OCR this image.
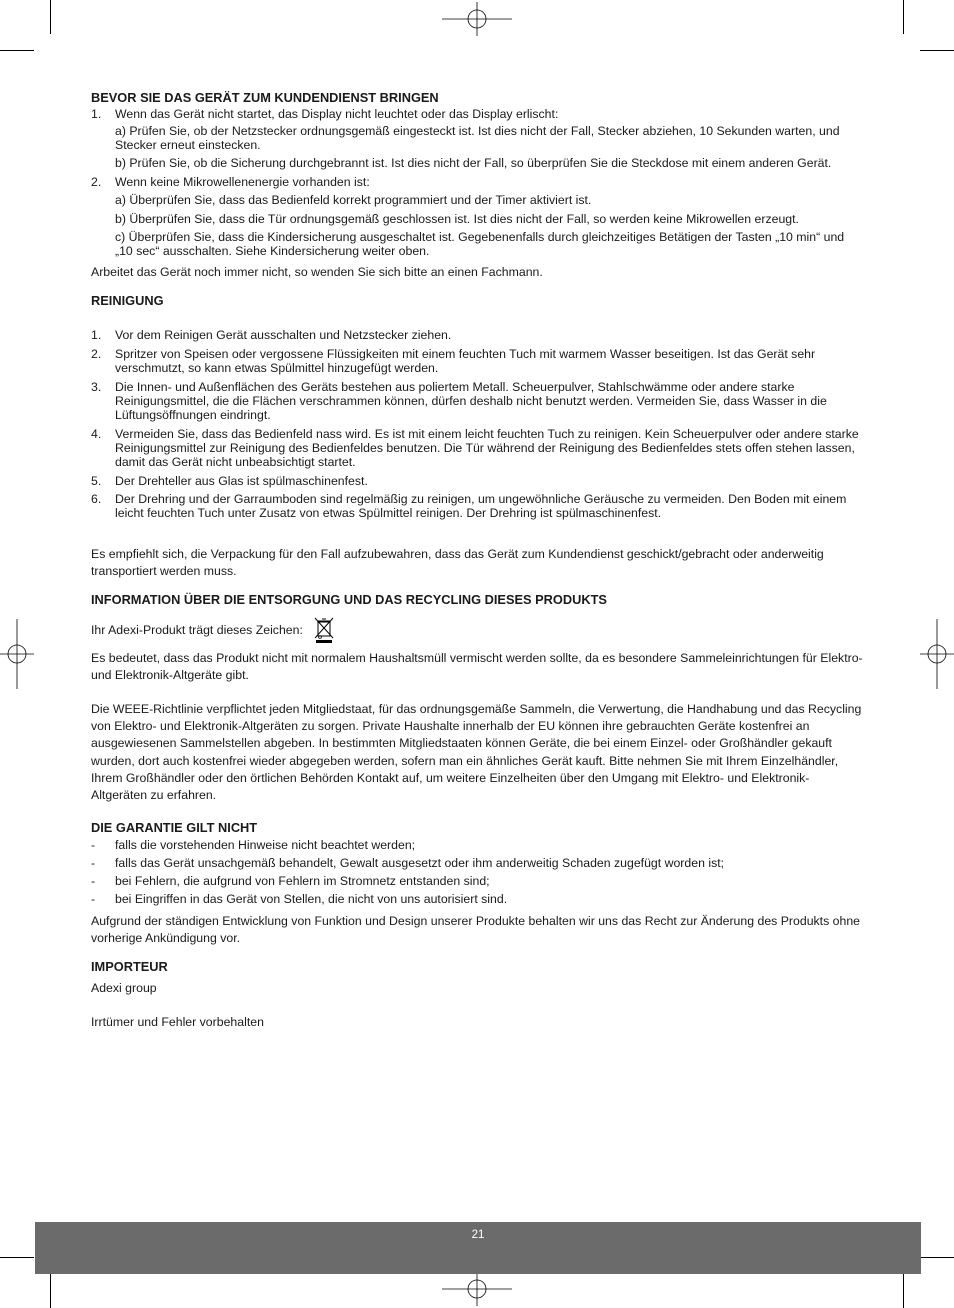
BEVOR SIE DAS GERÄT ZUM KUNDENDIENST BRINGEN
1. Wenn das Gerät nicht startet, das Display nicht leuchtet oder das Display erlischt:

a) Prüfen Sie, ob der Netzstecker ordnungsgemäß eingesteckt ist. Ist dies nicht der Fall, Stecker abziehen, 10 Sekunden warten, und Stecker erneut einstecken.

b) Prüfen Sie, ob die Sicherung durchgebrannt ist. Ist dies nicht der Fall, so überprüfen Sie die Steckdose mit einem anderen Gerät.

2. Wenn keine Mikrowellenenergie vorhanden ist:

a) Überprüfen Sie, dass das Bedienfeld korrekt programmiert und der Timer aktiviert ist.

b) Überprüfen Sie, dass die Tür ordnungsgemäß geschlossen ist. Ist dies nicht der Fall, so werden keine Mikrowellen erzeugt.

c) Überprüfen Sie, dass die Kindersicherung ausgeschaltet ist. Gegebenenfalls durch gleichzeitiges Betätigen der Tasten „10 min“ und „10 sec“ ausschalten. Siehe Kindersicherung weiter oben.

Arbeitet das Gerät noch immer nicht, so wenden Sie sich bitte an einen Fachmann.

REINIGUNG
1. Vor dem Reinigen Gerät ausschalten und Netzstecker ziehen.

2. Spritzer von Speisen oder vergossene Flüssigkeiten mit einem feuchten Tuch mit warmem Wasser beseitigen. Ist das Gerät sehr verschmutzt, so kann etwas Spülmittel hinzugefügt werden.

3. Die Innen- und Außenflächen des Geräts bestehen aus poliertem Metall. Scheuerpulver, Stahlschwämme oder andere starke Reinigungsmittel, die die Flächen verschrammen können, dürfen deshalb nicht benutzt werden. Vermeiden Sie, dass Wasser in die Lüftungsöffnungen eindringt.

4. Vermeiden Sie, dass das Bedienfeld nass wird. Es ist mit einem leicht feuchten Tuch zu reinigen. Kein Scheuerpulver oder andere starke Reinigungsmittel zur Reinigung des Bedienfeldes benutzen. Die Tür während der Reinigung des Bedienfeldes stets offen stehen lassen, damit das Gerät nicht unbeabsichtigt startet.

5. Der Drehteller aus Glas ist spülmaschinenfest.

6. Der Drehring und der Garraumboden sind regelmäßig zu reinigen, um ungewöhnliche Geräusche zu vermeiden. Den Boden mit einem leicht feuchten Tuch unter Zusatz von etwas Spülmittel reinigen. Der Drehring ist spülmaschinenfest.

Es empfiehlt sich, die Verpackung für den Fall aufzubewahren, dass das Gerät zum Kundendienst geschickt/gebracht oder anderweitig transportiert werden muss.

INFORMATION ÜBER DIE ENTSORGUNG UND DAS RECYCLING DIESES PRODUKTS
Ihr Adexi-Produkt trägt dieses Zeichen:

Es bedeutet, dass das Produkt nicht mit normalem Haushaltsmüll vermischt werden sollte, da es besondere Sammeleinrichtungen für Elektro- und Elektronik-Altgeräte gibt.

Die WEEE-Richtlinie verpflichtet jeden Mitgliedstaat, für das ordnungsgemäße Sammeln, die Verwertung, die Handhabung und das Recycling von Elektro- und Elektronik-Altgeräten zu sorgen. Private Haushalte innerhalb der EU können ihre gebrauchten Geräte kostenfrei an ausgewiesenen Sammelstellen abgeben. In bestimmten Mitgliedstaaten können Geräte, die bei einem Einzel- oder Großhändler gekauft wurden, dort auch kostenfrei wieder abgegeben werden, sofern man ein ähnliches Gerät kauft. Bitte nehmen Sie mit Ihrem Einzelhändler, Ihrem Großhändler oder den örtlichen Behörden Kontakt auf, um weitere Einzelheiten über den Umgang mit Elektro- und Elektronik-Altgeräten zu erfahren.

DIE GARANTIE GILT NICHT
- falls die vorstehenden Hinweise nicht beachtet werden;

- falls das Gerät unsachgemäß behandelt, Gewalt ausgesetzt oder ihm anderweitig Schaden zugefügt worden ist;

- bei Fehlern, die aufgrund von Fehlern im Stromnetz entstanden sind;

- bei Eingriffen in das Gerät von Stellen, die nicht von uns autorisiert sind.

Aufgrund der ständigen Entwicklung von Funktion und Design unserer Produkte behalten wir uns das Recht zur Änderung des Produkts ohne vorherige Ankündigung vor.

IMPORTEUR

Adexi group

Irrtümer und Fehler vorbehalten

21
